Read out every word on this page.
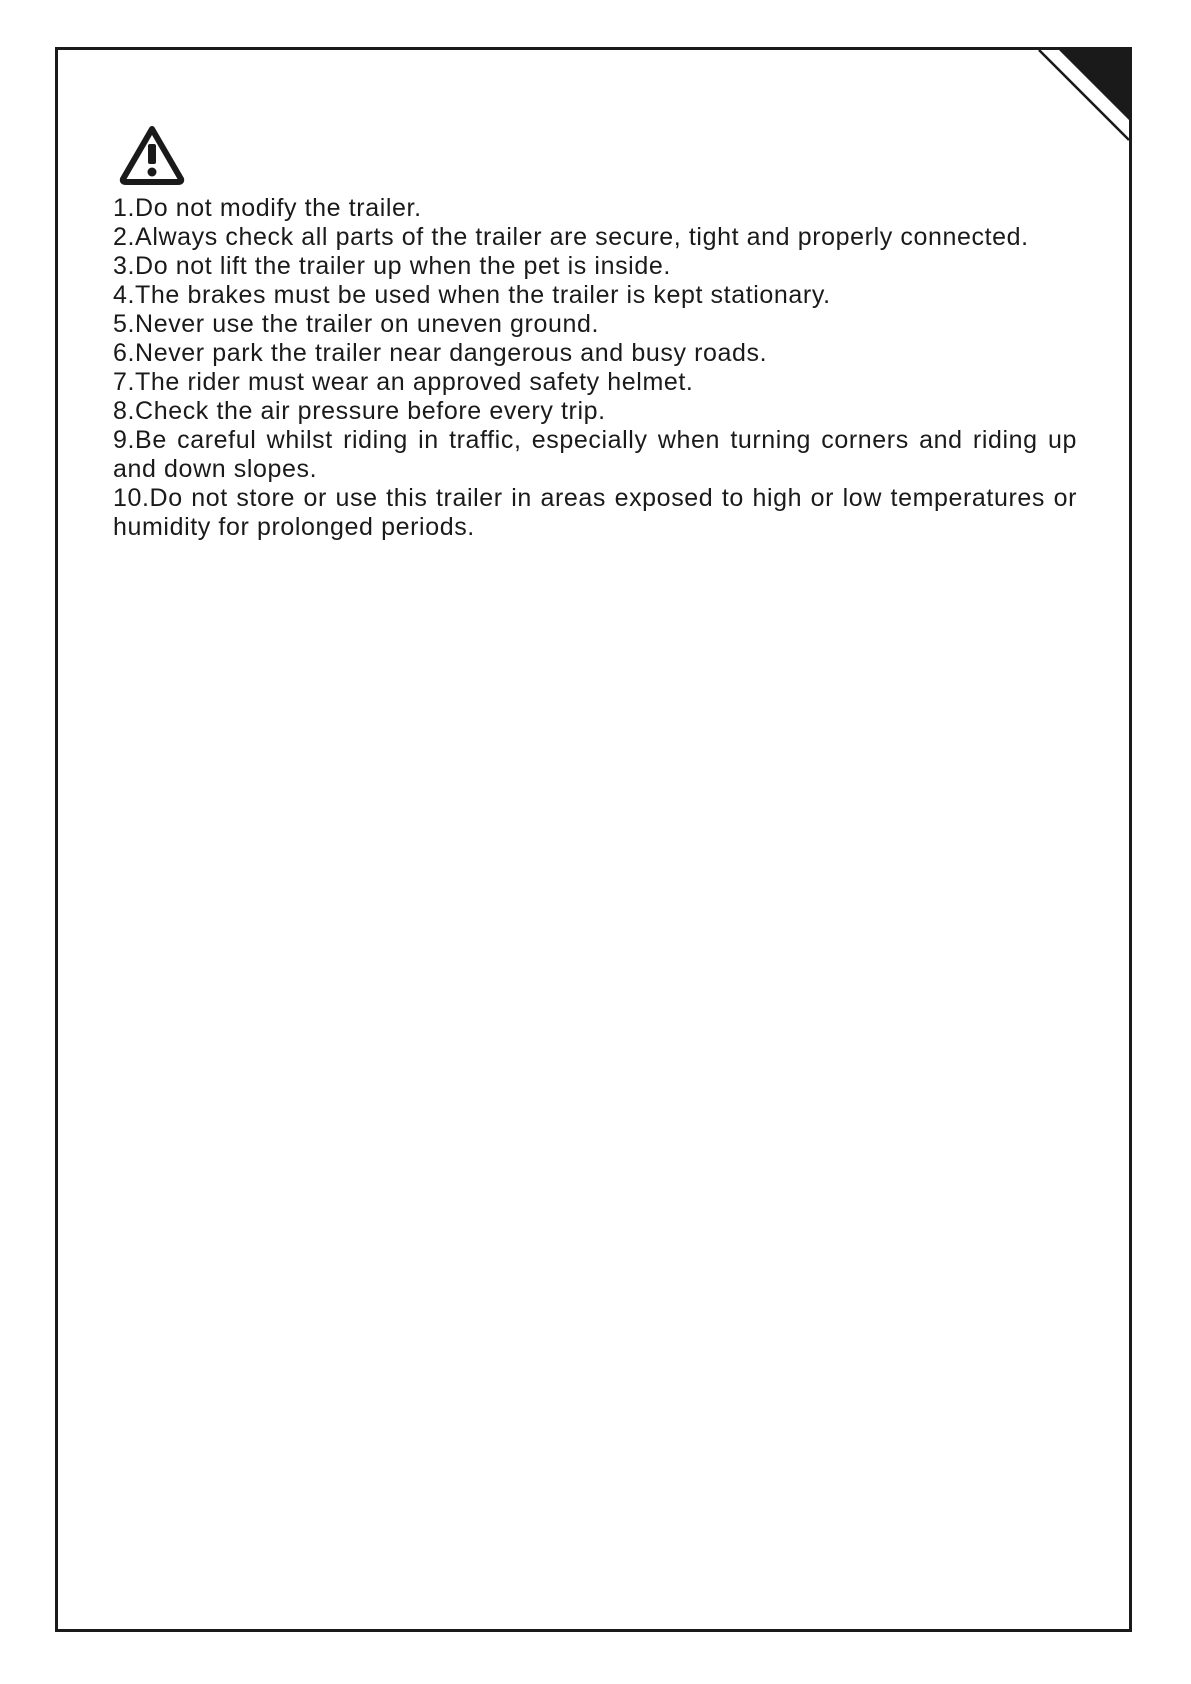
1.Do not modify the trailer.
2.Always check all parts of the trailer are secure, tight and properly connected.
3.Do not lift the trailer up when the pet is inside.
4.The brakes must be used when the trailer is kept stationary.
5.Never use the trailer on uneven ground.
6.Never park the trailer near dangerous and busy roads.
7.The rider must wear an approved safety helmet.
8.Check the air pressure before every trip.
9.Be careful whilst riding in traffic, especially when turning corners and riding up and down slopes.
10.Do not store or use this trailer in areas exposed to high or low temperatures or humidity for prolonged periods.
